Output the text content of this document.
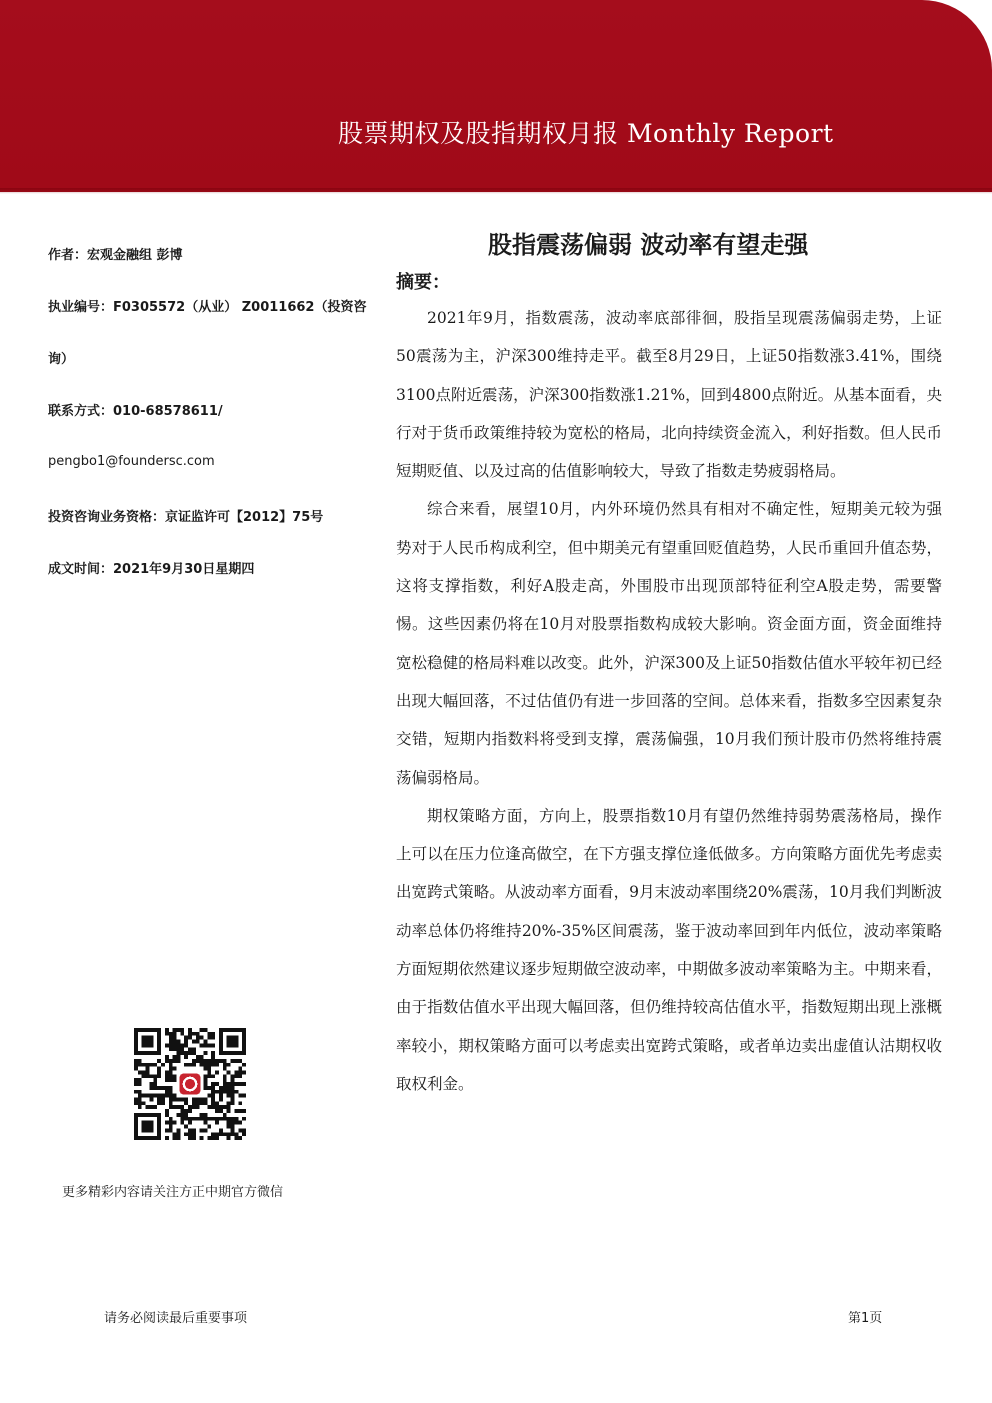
股票期权及股指期权月报 Monthly Report
作者：宏观金融组 彭博
执业编号：F0305572（从业） Z0011662（投资咨
询）
联系方式：010-68578611/
pengbo1@foundersc.com
投资咨询业务资格：京证监许可【2012】75号
成文时间：2021年9月30日星期四
股指震荡偏弱 波动率有望走强
摘要：

2021年9月，指数震荡，波动率底部徘徊，股指呈现震荡偏弱走势，上证50震荡为主，沪深300维持走平。截至8月29日，上证50指数涨3.41%，围绕3100点附近震荡，沪深300指数涨1.21%，回到4800点附近。从基本面看，央行对于货币政策维持较为宽松的格局，北向持续资金流入，利好指数。但人民币短期贬值、以及过高的估值影响较大，导致了指数走势疲弱格局。

综合来看，展望10月，内外环境仍然具有相对不确定性，短期美元较为强势对于人民币构成利空，但中期美元有望重回贬值趋势，人民币重回升值态势，这将支撑指数，利好A股走高，外围股市出现顶部特征利空A股走势，需要警惕。这些因素仍将在10月对股票指数构成较大影响。资金面方面，资金面维持宽松稳健的格局料难以改变。此外，沪深300及上证50指数估值水平较年初已经出现大幅回落，不过估值仍有进一步回落的空间。总体来看，指数多空因素复杂交错，短期内指数料将受到支撑，震荡偏强，10月我们预计股市仍然将维持震荡偏弱格局。

期权策略方面，方向上，股票指数10月有望仍然维持弱势震荡格局，操作上可以在压力位逢高做空，在下方强支撑位逢低做多。方向策略方面优先考虑卖出宽跨式策略。从波动率方面看，9月末波动率围绕20%震荡，10月我们判断波动率总体仍将维持20%-35%区间震荡，鉴于波动率回到年内低位，波动率策略方面短期依然建议逐步短期做空波动率，中期做多波动率策略为主。中期来看，由于指数估值水平出现大幅回落，但仍维持较高估值水平，指数短期出现上涨概率较小，期权策略方面可以考虑卖出宽跨式策略，或者单边卖出虚值认沽期权收取权利金。

更多精彩内容请关注方正中期官方微信
请务必阅读最后重要事项	第1页
